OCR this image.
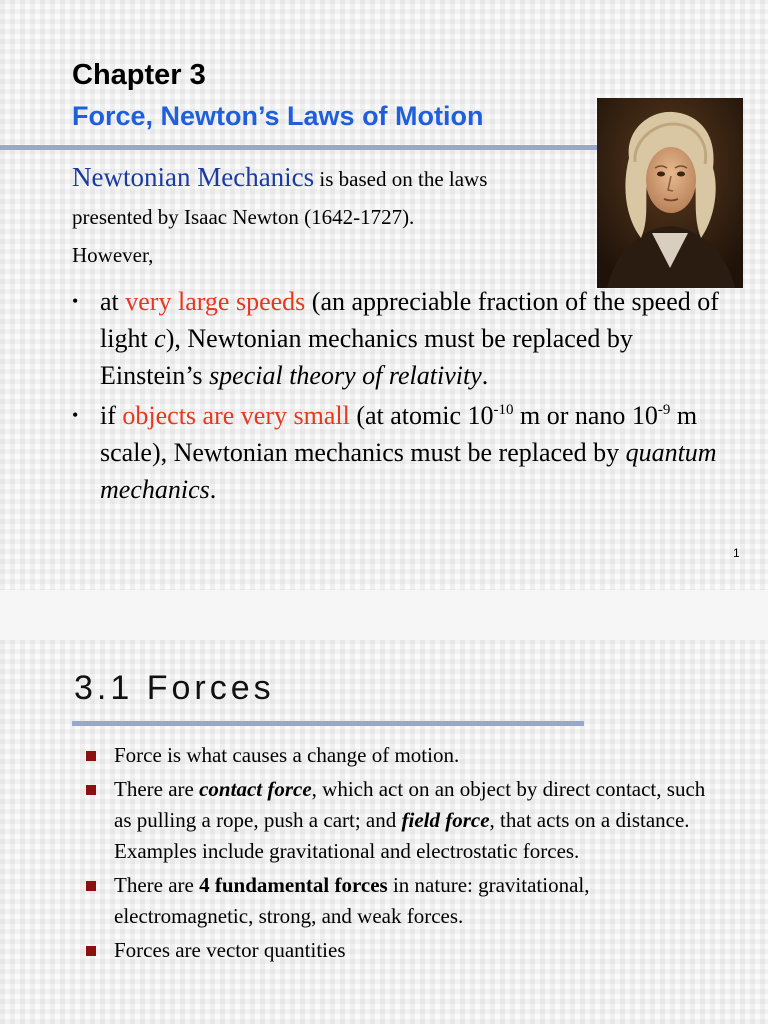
Chapter 3
Force, Newton’s Laws of Motion

Newtonian Mechanics is based on the laws

presented by Isaac Newton (1642-1727).

However,

• at very large speeds (an appreciable fraction of the speed of light c), Newtonian mechanics must be replaced by Einstein’s special theory of relativity.
• if objects are very small (at atomic $10^{-10}$ m or nano $10^{-9}$ m scale), Newtonian mechanics must be replaced by quantum mechanics.
1
3.1 Forces
Force is what causes a change of motion.
There are contact force, which act on an object by direct contact, such as pulling a rope, push a cart; and field force, that acts on a distance. Examples include gravitational and electrostatic forces.
There are 4 fundamental forces in nature: gravitational, electromagnetic, strong, and weak forces.
Forces are vector quantities
